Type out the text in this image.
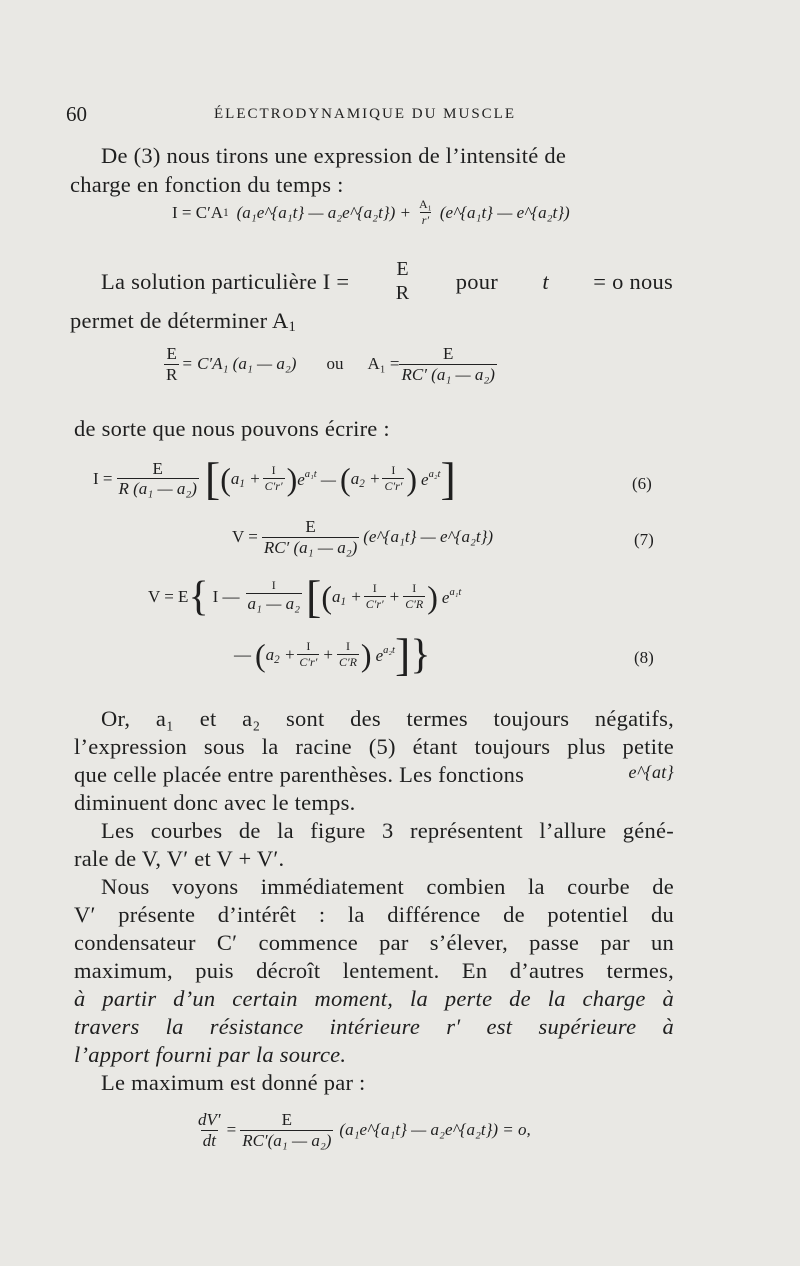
60	ÉLECTRODYNAMIQUE DU MUSCLE
De (3) nous tirons une expression de l’intensité de
charge en fonction du temps :
I = C′A 1 (a₁e^{a₁t} — a₂e^{a₂t}) + $\frac{\text{A₁}}{r'}$ (e^{a₁t} — e^{a₂t})
La solution particulière I = E
R pour t = o nous
permet de déterminer $A_1$
$\frac{E}{R} = C'A_1$ (a₁ — a₂) ou $A_1 = \frac{E}{\text{RC′ (a₁ — a₂)}}$
de sorte que nous pouvons écrire :
$I = \frac{E}{\text{R (a₁ — a₂)}}$ [ ( $a_1 + \frac{I}{C'r'}$ ) $e^{a_1t}$ — ( $a_2 + \frac{I}{C'r'}$ ) $e^{a_2t}$ ]	(6)
$V = \frac{E}{\text{RC′ (a₁ — a₂)}}$ (e^{a₁t} — e^{a₂t})	(7)
V = E { I — $\frac{I}{\text{a₁ — a₂}}$ [ ( $a_1 + \frac{I}{C'r'} + \frac{I}{C'R}$ ) $e^{a_1t}$
— ( $a_2 + \frac{I}{C'r'} + \frac{I}{C'R}$ ) $e^{a_2t}$ ] }	(8)
Or, a₁ et a₂ sont des termes toujours négatifs,
l’expression sous la racine (5) étant toujours plus petite
que celle placée entre parenthèses. Les fonctions	e^{at}
diminuent donc avec le temps.
Les courbes de la figure 3 représentent l’allure géné-
rale de V, V′ et V + V′.
Nous voyons immédiatement combien la courbe de
V′ présente d’intérêt : la différence de potentiel du
condensateur C′ commence par s’élever, passe par un
maximum, puis décroît lentement. En d’autres termes,
à partir d’un certain moment, la perte de la charge à
travers la résistance intérieure r′ est supérieure à
l’apport fourni par la source.
Le maximum est donné par :
$\frac{dV'}{dt} = \frac{E}{\text{RC′(a₁ — a₂)}}$ (a₁e^{a₁t} — a₂e^{a₂t}) = o,
